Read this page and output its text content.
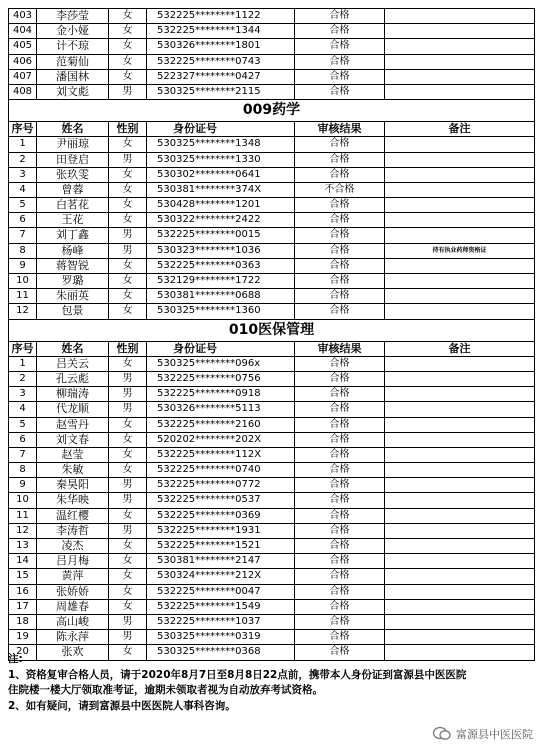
403	李莎莹	女	532225********1122	合格
404	金小娅	女	532225********1344	合格
405	计不琼	女	530326********1801	合格
406	范菊仙	女	532225********0743	合格
407	潘国林	女	522327********0427	合格
408	刘文彪	男	530325********2115	合格
009药学
序号	姓名	性别	身份证号	审核结果	备注
1	尹丽琼	女	530325********1348	合格
2	田登启	男	530325********1330	合格
3	张玖雯	女	530302********0641	合格
4	曾蓉	女	530381********374X	不合格
5	白茗花	女	530428********1201	合格
6	王花	女	530322********2422	合格
7	刘丁鑫	男	532225********0015	合格
8	杨峰	男	530323********1036	合格	持有执业药师资格证
9	蒋智锐	女	532225********0363	合格
10	罗璐	女	532129********1722	合格
11	朱丽英	女	530381********0688	合格
12	包景	女	530325********1360	合格
010医保管理
序号	姓名	性别	身份证号	审核结果	备注
1	吕关云	女	530325********096x	合格
2	孔云彪	男	532225********0756	合格
3	柳瑞涛	男	532225********0918	合格
4	代龙顺	男	530326********5113	合格
5	赵雪丹	女	532225********2160	合格
6	刘文春	女	520202********202X	合格
7	赵莹	女	532225********112X	合格
8	朱敏	女	532225********0740	合格
9	秦昊阳	男	532225********0772	合格
10	朱华映	男	532225********0537	合格
11	温红樱	女	532225********0369	合格
12	李涛哲	男	532225********1931	合格
13	凌杰	女	532225********1521	合格
14	吕月梅	女	530381********2147	合格
15	黄萍	女	530324********212X	合格
16	张娇娇	女	532225********0047	合格
17	周雄春	女	532225********1549	合格
18	高山峻	男	532225********1037	合格
19	陈永萍	男	530325********0319	合格
20	张欢	女	530325********0368	合格

注:

1、资格复审合格人员，请于2020年8月7日至8月8日22点前，携带本人身份证到富源县中医医院

住院楼一楼大厅领取准考证，逾期未领取者视为自动放弃考试资格。

2、如有疑问，请到富源县中医医院人事科咨询。

富源县中医医院
